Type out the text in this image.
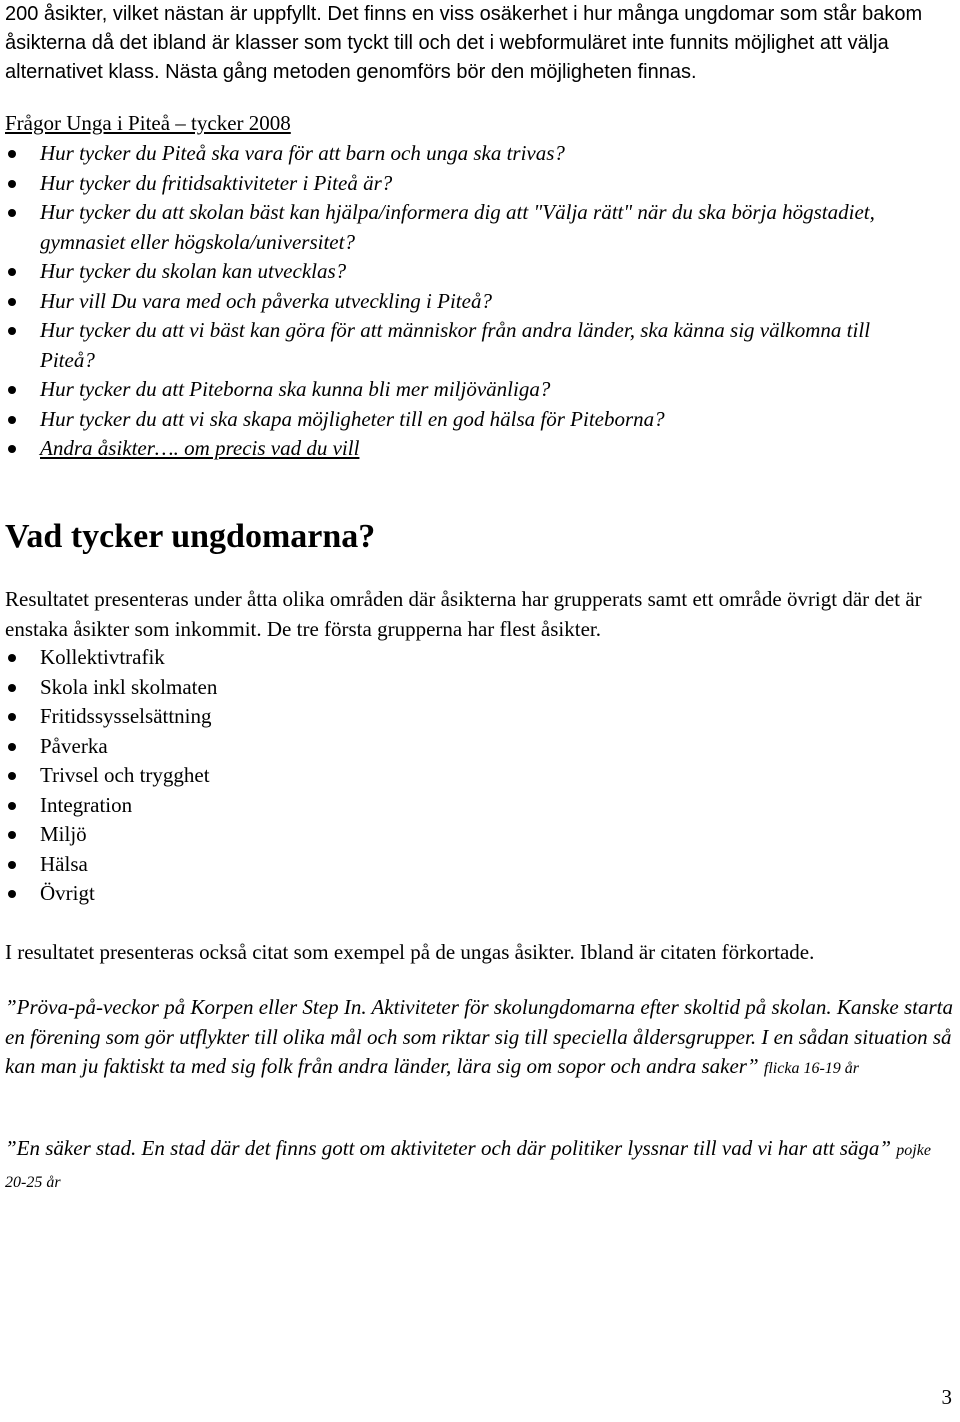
200 åsikter, vilket nästan är uppfyllt. Det finns en viss osäkerhet i hur många ungdomar som står bakom åsikterna då det ibland är klasser som tyckt till och det i webformuläret inte funnits möjlighet att välja alternativet klass. Nästa gång metoden genomförs bör den möjligheten finnas.

Frågor Unga i Piteå – tycker 2008
Hur tycker du Piteå ska vara för att barn och unga ska trivas?
Hur tycker du fritidsaktiviteter i Piteå är?
Hur tycker du att skolan bäst kan hjälpa/informera dig att "Välja rätt" när du ska börja högstadiet, gymnasiet eller högskola/universitet?
Hur tycker du skolan kan utvecklas?
Hur vill Du vara med och påverka utveckling i Piteå?
Hur tycker du att vi bäst kan göra för att människor från andra länder, ska känna sig välkomna till Piteå?
Hur tycker du att Piteborna ska kunna bli mer miljövänliga?
Hur tycker du att vi ska skapa möjligheter till en god hälsa för Piteborna?
Andra åsikter…. om precis vad du vill
Vad tycker ungdomarna?

Resultatet presenteras under åtta olika områden där åsikterna har grupperats samt ett område övrigt där det är enstaka åsikter som inkommit. De tre första grupperna har flest åsikter.

Kollektivtrafik
Skola inkl skolmaten
Fritidssysselsättning
Påverka
Trivsel och trygghet
Integration
Miljö
Hälsa
Övrigt

I resultatet presenteras också citat som exempel på de ungas åsikter. Ibland är citaten förkortade.

”Pröva-på-veckor på Korpen eller Step In. Aktiviteter för skolungdomarna efter skoltid på skolan. Kanske starta en förening som gör utflykter till olika mål och som riktar sig till speciella åldersgrupper. I en sådan situation så kan man ju faktiskt ta med sig folk från andra länder, lära sig om sopor och andra saker” flicka 16-19 år

”En säker stad. En stad där det finns gott om aktiviteter och där politiker lyssnar till vad vi har att säga” pojke 20-25 år

3
